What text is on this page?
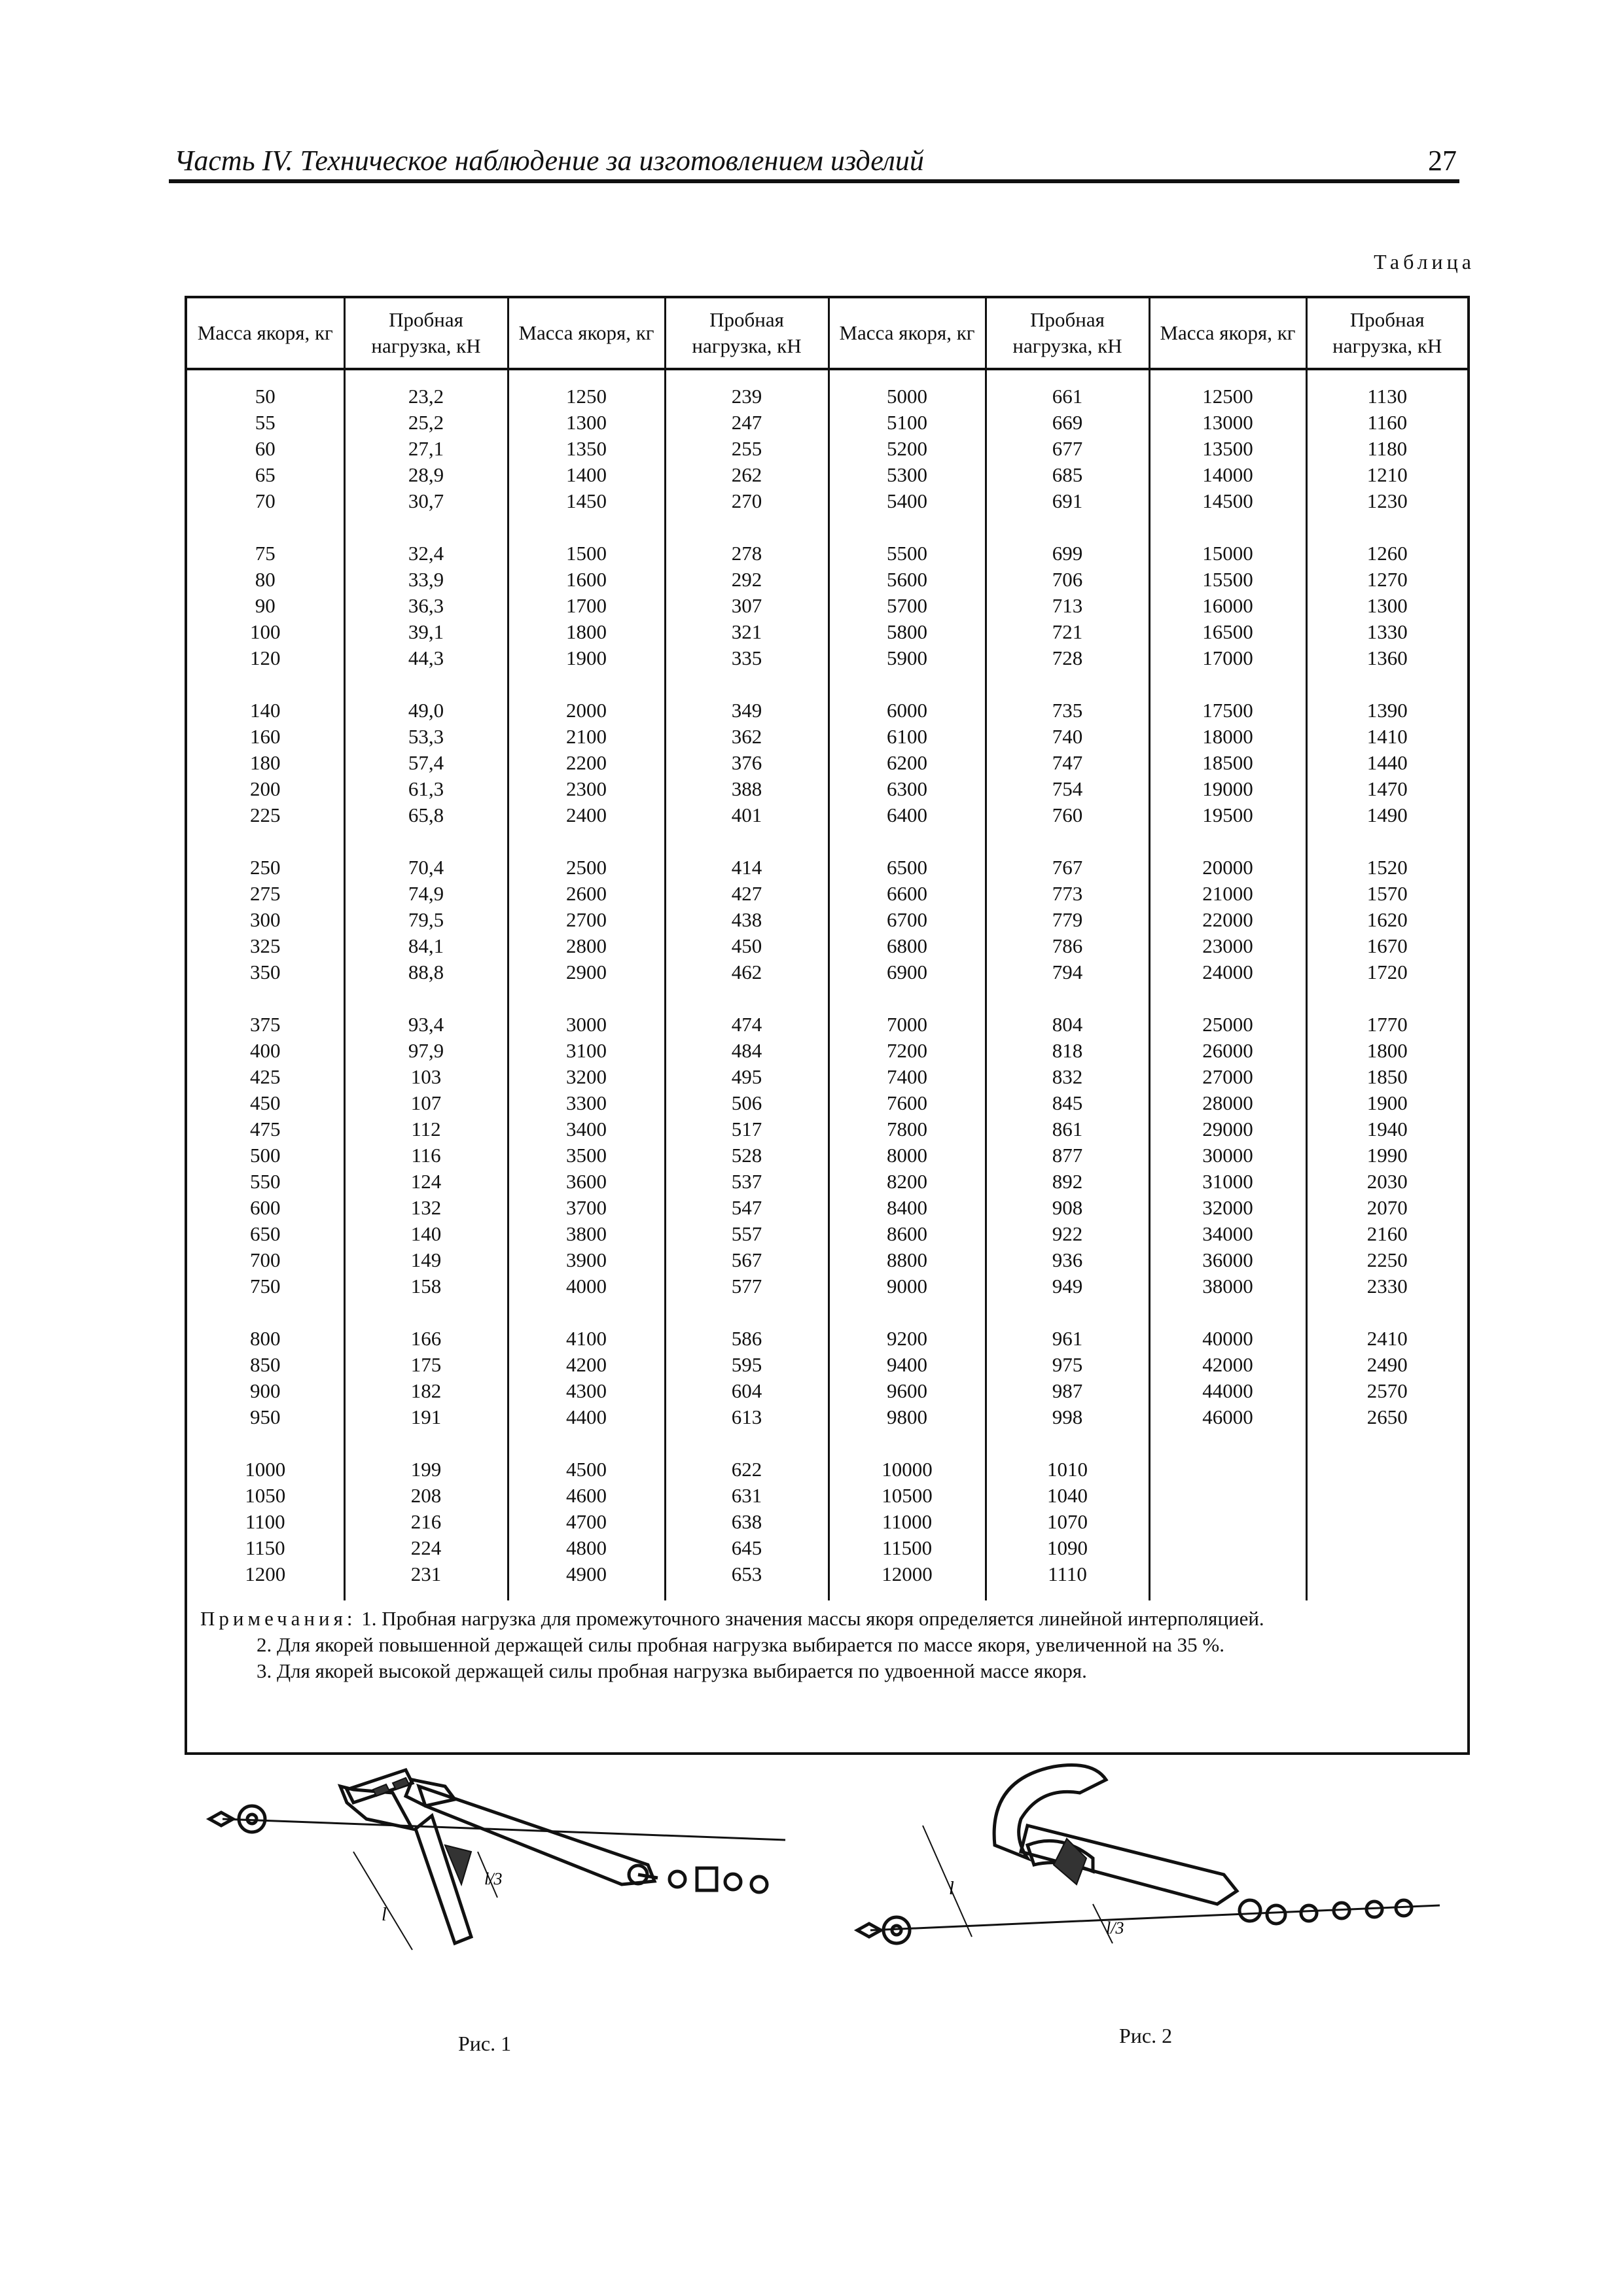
Часть IV. Техническое наблюдение за изготовлением изделий	27
Таблица
Масса якоря, кг	Пробная нагрузка, кН	Масса якоря, кг	Пробная нагрузка, кН	Масса якоря, кг	Пробная нагрузка, кН	Масса якоря, кг	Пробная нагрузка, кН
50	23,2	1250	239	5000	661	12500	1130
55	25,2	1300	247	5100	669	13000	1160
60	27,1	1350	255	5200	677	13500	1180
65	28,9	1400	262	5300	685	14000	1210
70	30,7	1450	270	5400	691	14500	1230
75	32,4	1500	278	5500	699	15000	1260
80	33,9	1600	292	5600	706	15500	1270
90	36,3	1700	307	5700	713	16000	1300
100	39,1	1800	321	5800	721	16500	1330
120	44,3	1900	335	5900	728	17000	1360
140	49,0	2000	349	6000	735	17500	1390
160	53,3	2100	362	6100	740	18000	1410
180	57,4	2200	376	6200	747	18500	1440
200	61,3	2300	388	6300	754	19000	1470
225	65,8	2400	401	6400	760	19500	1490
250	70,4	2500	414	6500	767	20000	1520
275	74,9	2600	427	6600	773	21000	1570
300	79,5	2700	438	6700	779	22000	1620
325	84,1	2800	450	6800	786	23000	1670
350	88,8	2900	462	6900	794	24000	1720
375	93,4	3000	474	7000	804	25000	1770
400	97,9	3100	484	7200	818	26000	1800
425	103	3200	495	7400	832	27000	1850
450	107	3300	506	7600	845	28000	1900
475	112	3400	517	7800	861	29000	1940
500	116	3500	528	8000	877	30000	1990
550	124	3600	537	8200	892	31000	2030
600	132	3700	547	8400	908	32000	2070
650	140	3800	557	8600	922	34000	2160
700	149	3900	567	8800	936	36000	2250
750	158	4000	577	9000	949	38000	2330
800	166	4100	586	9200	961	40000	2410
850	175	4200	595	9400	975	42000	2490
900	182	4300	604	9600	987	44000	2570
950	191	4400	613	9800	998	46000	2650
1000	199	4500	622	10000	1010		
1050	208	4600	631	10500	1040		
1100	216	4700	638	11000	1070		
1150	224	4800	645	11500	1090		
1200	231	4900	653	12000	1110		
Примечания: 1. Пробная нагрузка для промежуточного значения массы якоря определяется линейной интерполяцией.
2. Для якорей повышенной держащей силы пробная нагрузка выбирается по массе якоря, увеличенной на 35 %.
3. Для якорей высокой держащей силы пробная нагрузка выбирается по удвоенной массе якоря.
l
l/3
Рис. 1
l
l/3
Рис. 2
